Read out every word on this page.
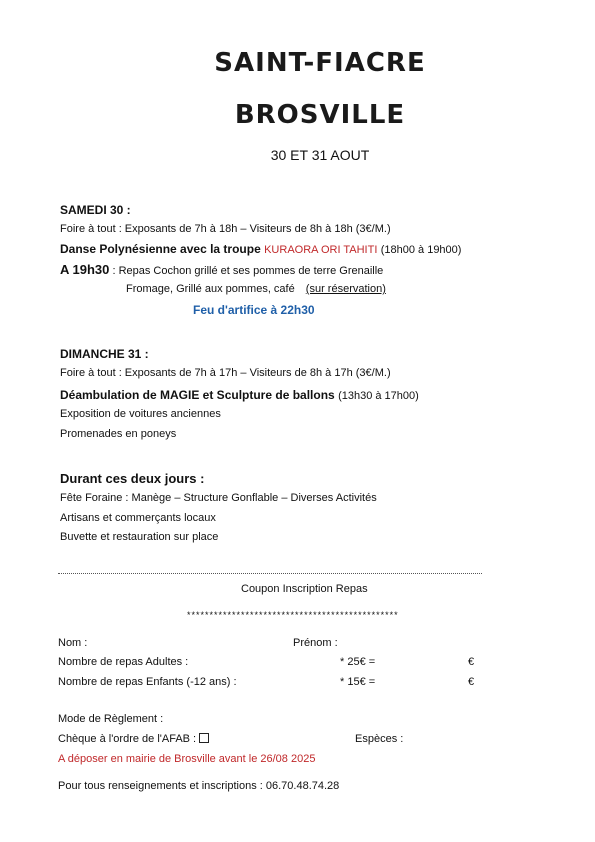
SAINT-FIACRE
BROSVILLE
30 ET 31 AOUT
SAMEDI 30 :
Foire à tout : Exposants de 7h à 18h – Visiteurs de 8h à 18h (3€/M.)
Danse Polynésienne avec la troupe KURAORA ORI TAHITI (18h00 à 19h00)
A 19h30 : Repas Cochon grillé et ses pommes de terre Grenaille
Fromage, Grillé aux pommes, café (sur réservation)
Feu d'artifice à 22h30
DIMANCHE 31 :
Foire à tout : Exposants de 7h à 17h – Visiteurs de 8h à 17h (3€/M.)
Déambulation de MAGIE et Sculpture de ballons (13h30 à 17h00)
Exposition de voitures anciennes
Promenades en poneys
Durant ces deux jours :
Fête Foraine : Manège – Structure Gonflable – Diverses Activités
Artisans et commerçants locaux
Buvette et restauration sur place
Coupon Inscription Repas
***********************************************
Nom :	Prénom :
Nombre de repas Adultes :	* 25€ =	€
Nombre de repas Enfants (-12 ans) :	* 15€ =	€
Mode de Règlement :
Chèque à l'ordre de l'AFAB :	Espèces :
A déposer en mairie de Brosville avant le 26/08 2025
Pour tous renseignements et inscriptions : 06.70.48.74.28
